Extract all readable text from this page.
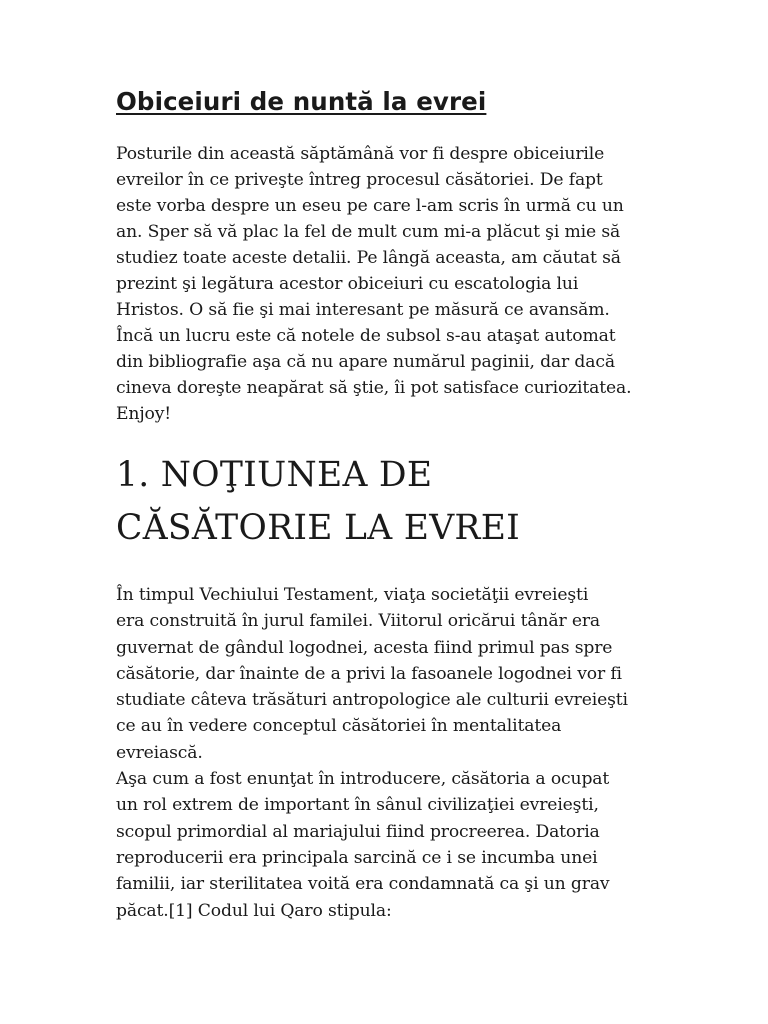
Obiceiuri de nuntă la evrei

Posturile din această săptămână vor fi despre obiceiurile
evreilor în ce priveşte întreg procesul căsătoriei. De fapt
este vorba despre un eseu pe care l-am scris în urmă cu un
an. Sper să vă plac la fel de mult cum mi-a plăcut şi mie să
studiez toate aceste detalii. Pe lângă aceasta, am căutat să
prezint şi legătura acestor obiceiuri cu escatologia lui
Hristos. O să fie şi mai interesant pe măsură ce avansăm.
Încă un lucru este că notele de subsol s-au ataşat automat
din bibliografie aşa că nu apare numărul paginii, dar dacă
cineva doreşte neapărat să ştie, îi pot satisface curiozitatea.
Enjoy!

1. NOŢIUNEA DE
CĂSĂTORIE LA EVREI

În timpul Vechiului Testament, viaţa societăţii evreieşti
era construită în jurul familei. Viitorul oricărui tânăr era
guvernat de gândul logodnei, acesta fiind primul pas spre
căsătorie, dar înainte de a privi la fasoanele logodnei vor fi
studiate câteva trăsături antropologice ale culturii evreieşti
ce au în vedere conceptul căsătoriei în mentalitatea
evreiască.

Aşa cum a fost enunţat în introducere, căsătoria a ocupat
un rol extrem de important în sânul civilizaţiei evreieşti,
scopul primordial al mariajului fiind procreerea. Datoria
reproducerii era principala sarcină ce i se incumba unei
familii, iar sterilitatea voită era condamnată ca şi un grav
păcat.[1] Codul lui Qaro stipula:
